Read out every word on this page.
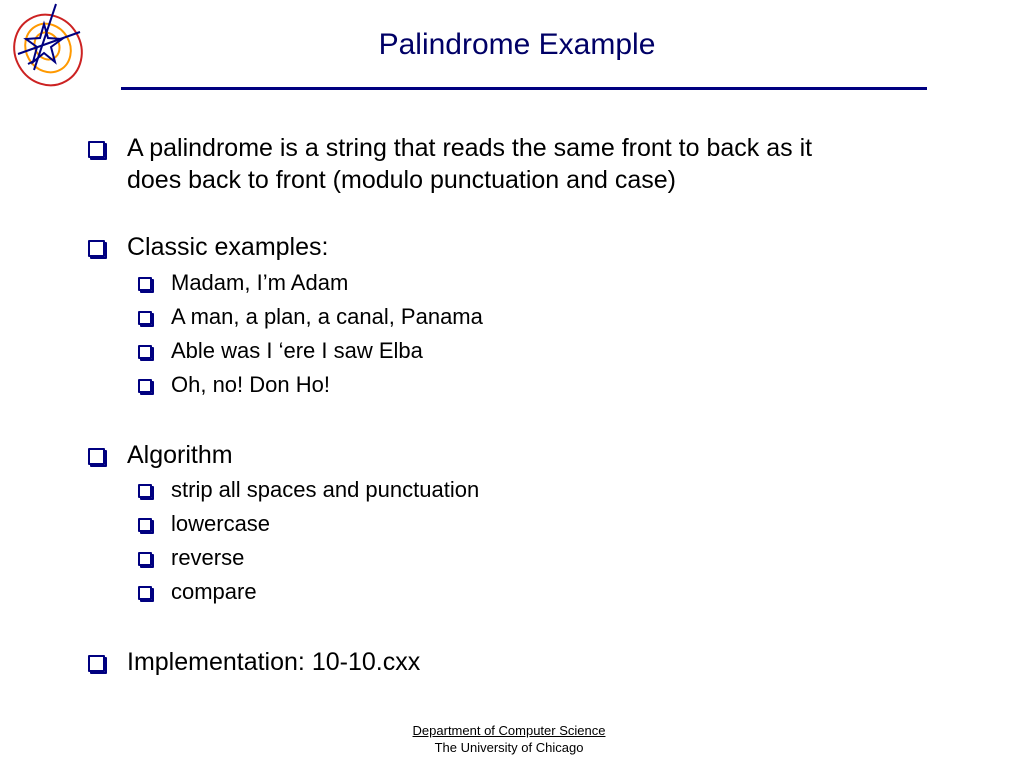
Palindrome Example
A palindrome is a string that reads the same front to back as it
does back to front (modulo punctuation and case)
Classic examples:
Madam, I’m Adam
A man, a plan, a canal, Panama
Able was I ‘ere I saw Elba
Oh, no! Don Ho!
Algorithm
strip all spaces and punctuation
lowercase
reverse
compare
Implementation: 10-10.cxx
Department of Computer Science
The University of Chicago
